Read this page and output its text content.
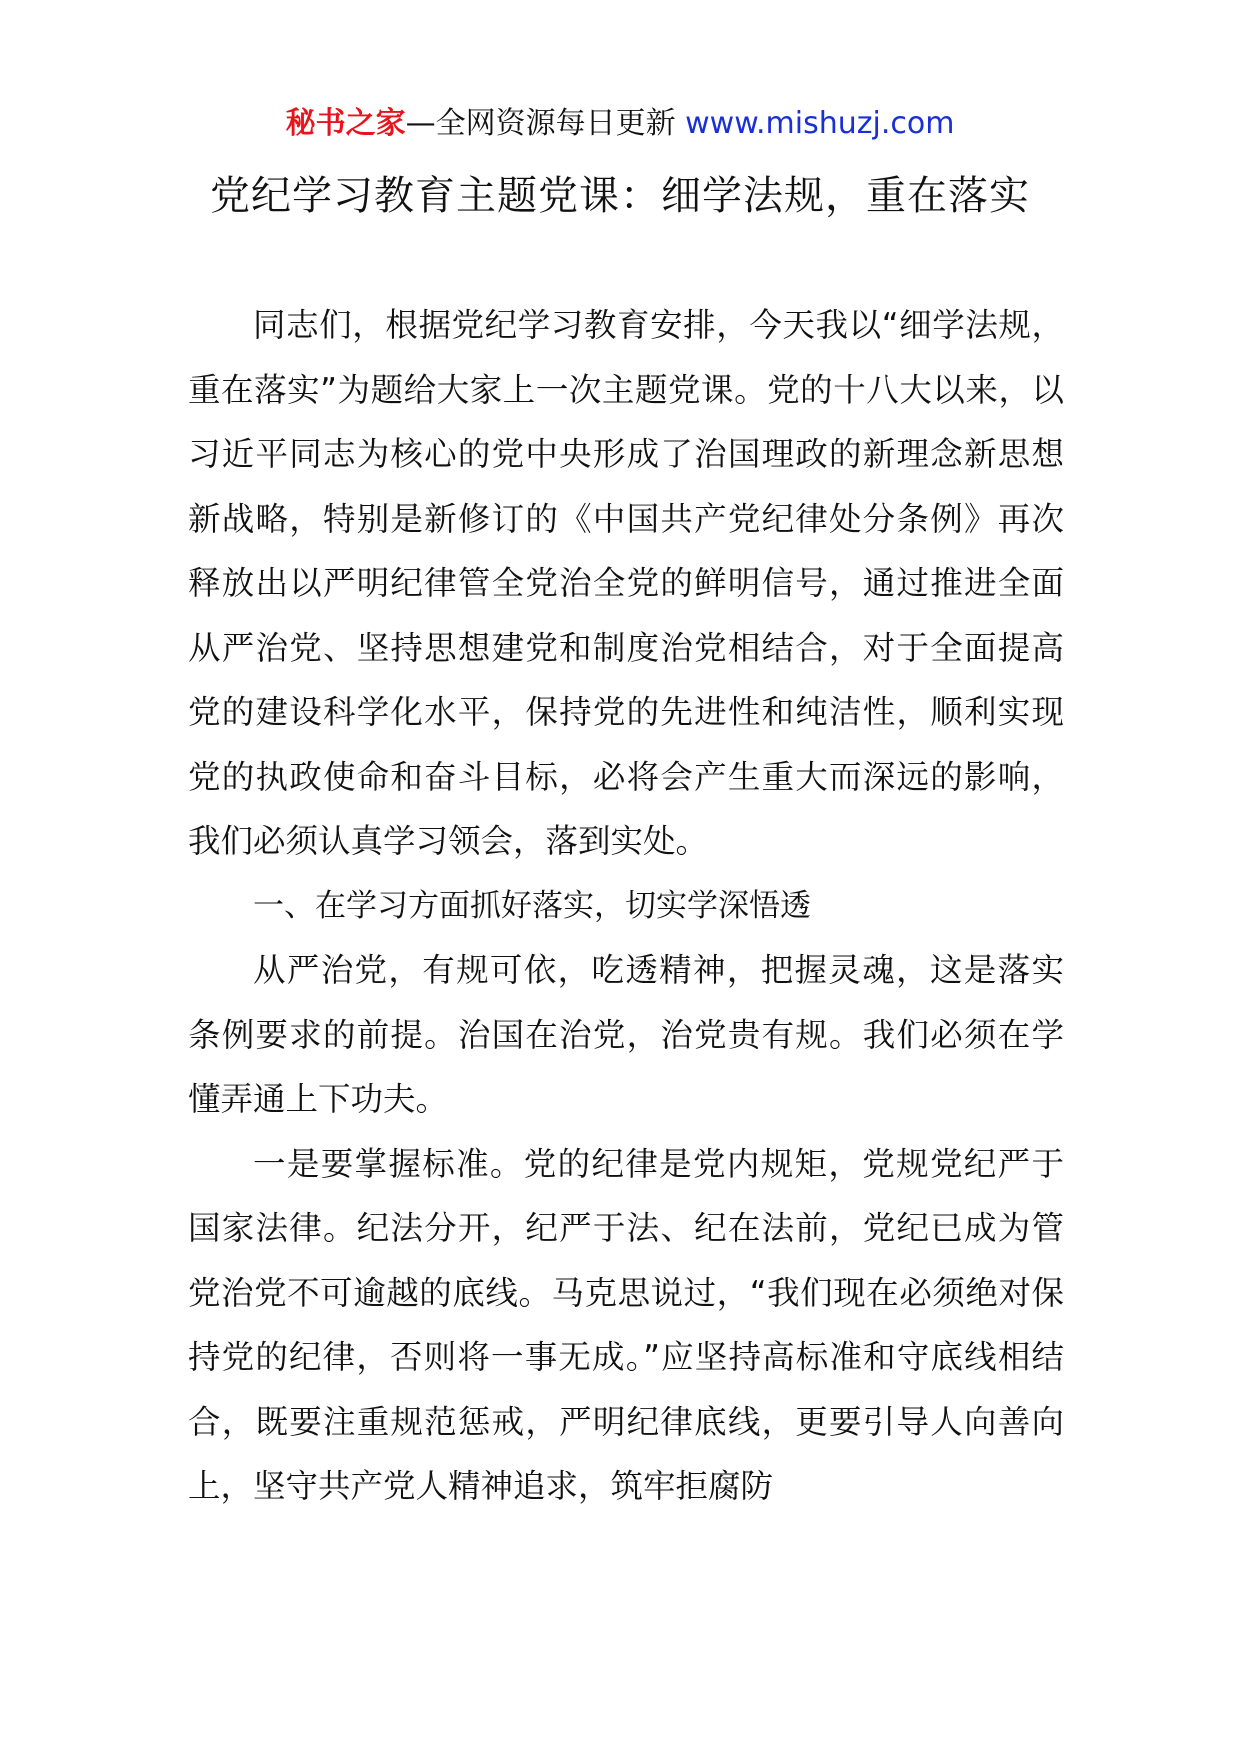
秘书之家—全网资源每日更新 www.mishuzj.com
党纪学习教育主题党课：细学法规，重在落实

同志们，根据党纪学习教育安排，今天我以“细学法规，重在落实”为题给大家上一次主题党课。党的十八大以来，以习近平同志为核心的党中央形成了治国理政的新理念新思想新战略，特别是新修订的《中国共产党纪律处分条例》再次释放出以严明纪律管全党治全党的鲜明信号，通过推进全面从严治党、坚持思想建党和制度治党相结合，对于全面提高党的建设科学化水平，保持党的先进性和纯洁性，顺利实现党的执政使命和奋斗目标，必将会产生重大而深远的影响，我们必须认真学习领会，落到实处。

一、在学习方面抓好落实，切实学深悟透

从严治党，有规可依，吃透精神，把握灵魂，这是落实条例要求的前提。治国在治党，治党贵有规。我们必须在学懂弄通上下功夫。

一是要掌握标准。党的纪律是党内规矩，党规党纪严于国家法律。纪法分开，纪严于法、纪在法前，党纪已成为管党治党不可逾越的底线。马克思说过，“我们现在必须绝对保持党的纪律，否则将一事无成。”应坚持高标准和守底线相结合，既要注重规范惩戒，严明纪律底线，更要引导人向善向上，坚守共产党人精神追求，筑牢拒腐防
